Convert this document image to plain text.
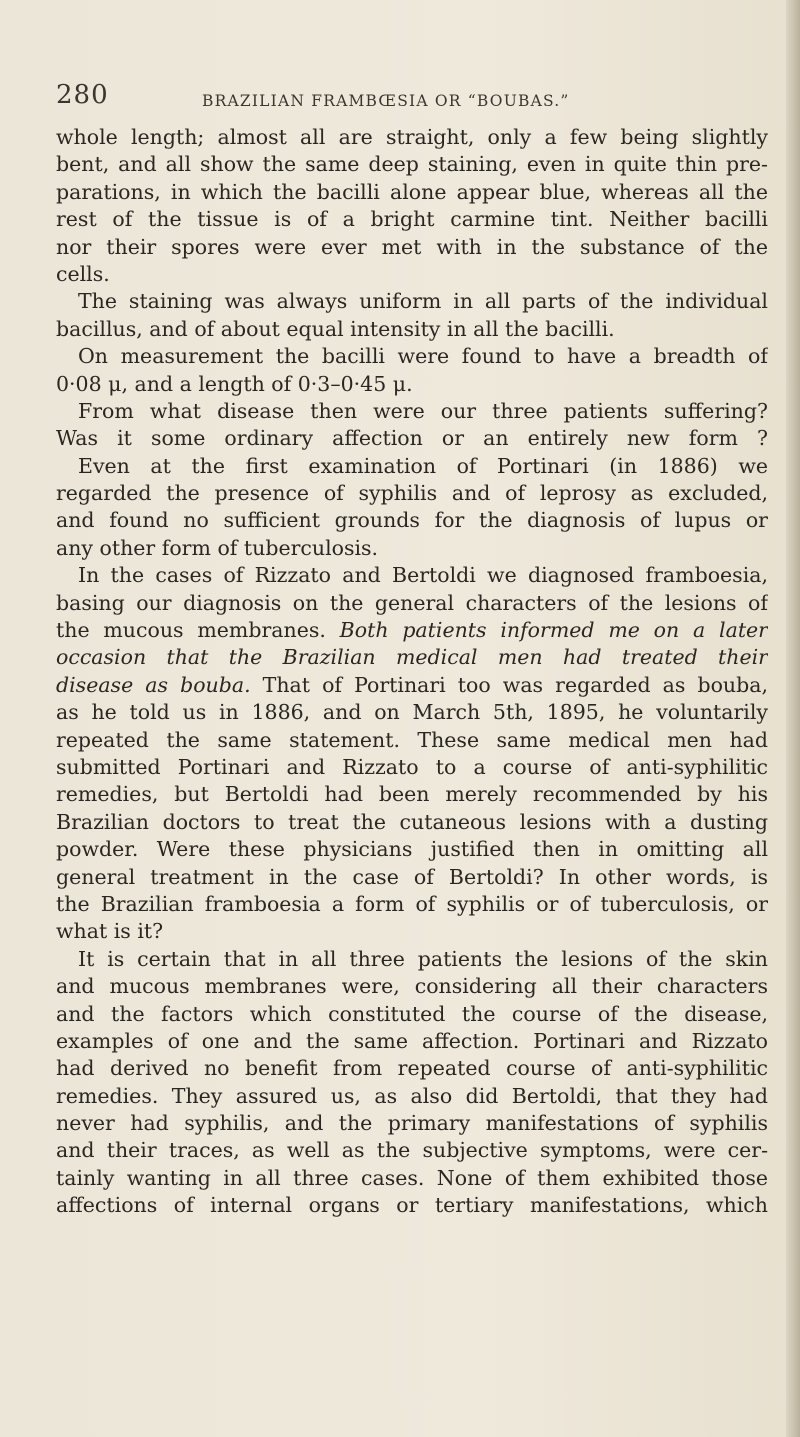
280	BRAZILIAN FRAMBŒSIA OR “BOUBAS.”
whole length; almost all are straight, only a few being slightly
bent, and all show the same deep staining, even in quite thin pre-
parations, in which the bacilli alone appear blue, whereas all the
rest of the tissue is of a bright carmine tint. Neither bacilli
nor their spores were ever met with in the substance of the
cells.
The staining was always uniform in all parts of the individual
bacillus, and of about equal intensity in all the bacilli.
On measurement the bacilli were found to have a breadth of
0·08 μ, and a length of 0·3–0·45 μ.
From what disease then were our three patients suffering?
Was it some ordinary affection or an entirely new form ?
Even at the first examination of Portinari (in 1886) we
regarded the presence of syphilis and of leprosy as excluded,
and found no sufficient grounds for the diagnosis of lupus or
any other form of tuberculosis.
In the cases of Rizzato and Bertoldi we diagnosed framboesia,
basing our diagnosis on the general characters of the lesions of
the mucous membranes. Both patients informed me on a later
occasion that the Brazilian medical men had treated their
disease as bouba. That of Portinari too was regarded as bouba,
as he told us in 1886, and on March 5th, 1895, he voluntarily
repeated the same statement. These same medical men had
submitted Portinari and Rizzato to a course of anti-syphilitic
remedies, but Bertoldi had been merely recommended by his
Brazilian doctors to treat the cutaneous lesions with a dusting
powder. Were these physicians justified then in omitting all
general treatment in the case of Bertoldi? In other words, is
the Brazilian framboesia a form of syphilis or of tuberculosis, or
what is it?
It is certain that in all three patients the lesions of the skin
and mucous membranes were, considering all their characters
and the factors which constituted the course of the disease,
examples of one and the same affection. Portinari and Rizzato
had derived no benefit from repeated course of anti-syphilitic
remedies. They assured us, as also did Bertoldi, that they had
never had syphilis, and the primary manifestations of syphilis
and their traces, as well as the subjective symptoms, were cer-
tainly wanting in all three cases. None of them exhibited those
affections of internal organs or tertiary manifestations, which
